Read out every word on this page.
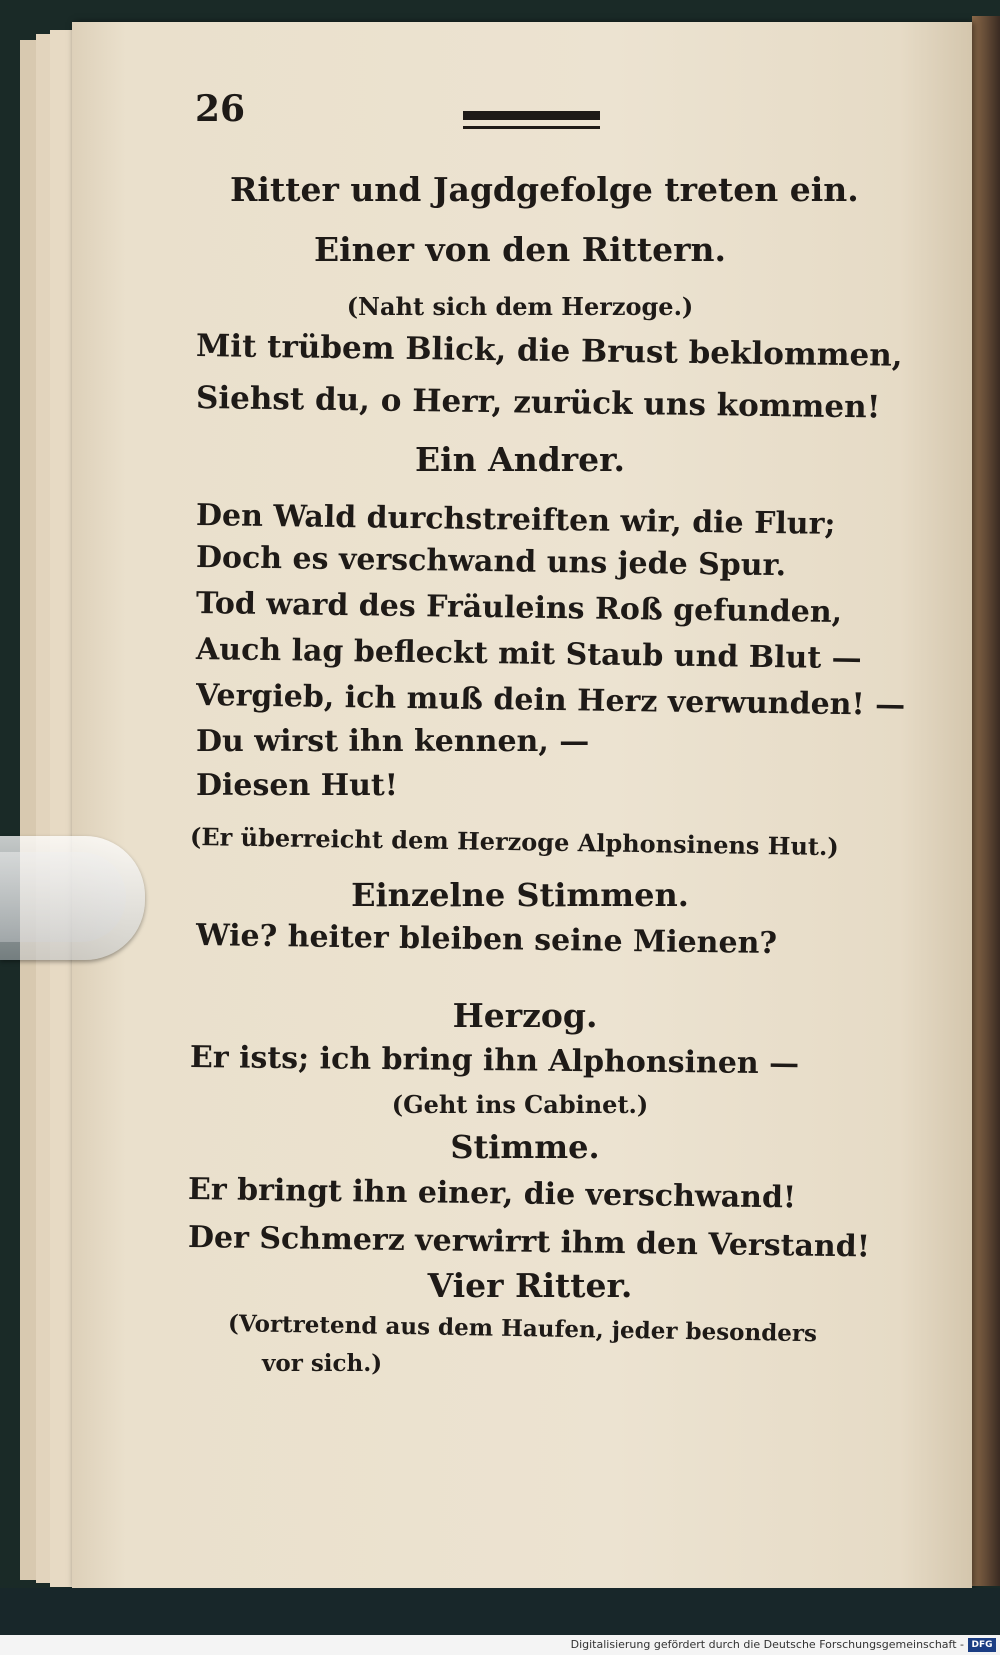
26
Ritter und Jagdgefolge treten ein.
Einer von den Rittern.
(Naht sich dem Herzoge.)
Mit trübem Blick, die Brust beklommen,
Siehst du, o Herr, zurück uns kommen!
Ein Andrer.
Den Wald durchstreiften wir, die Flur;
Doch es verschwand uns jede Spur.
Tod ward des Fräuleins Roß gefunden,
Auch lag befleckt mit Staub und Blut —
Vergieb, ich muß dein Herz verwunden! —
Du wirst ihn kennen, —
Diesen Hut!
(Er überreicht dem Herzoge Alphonsinens Hut.)
Einzelne Stimmen.
Wie? heiter bleiben seine Mienen?
Herzog.
Er ists; ich bring ihn Alphonsinen —
(Geht ins Cabinet.)
Stimme.
Er bringt ihn einer, die verschwand!
Der Schmerz verwirrt ihm den Verstand!
Vier Ritter.
(Vortretend aus dem Haufen, jeder besonders
vor sich.)
Digitalisierung gefördert durch die Deutsche Forschungsgemeinschaft - DFG
